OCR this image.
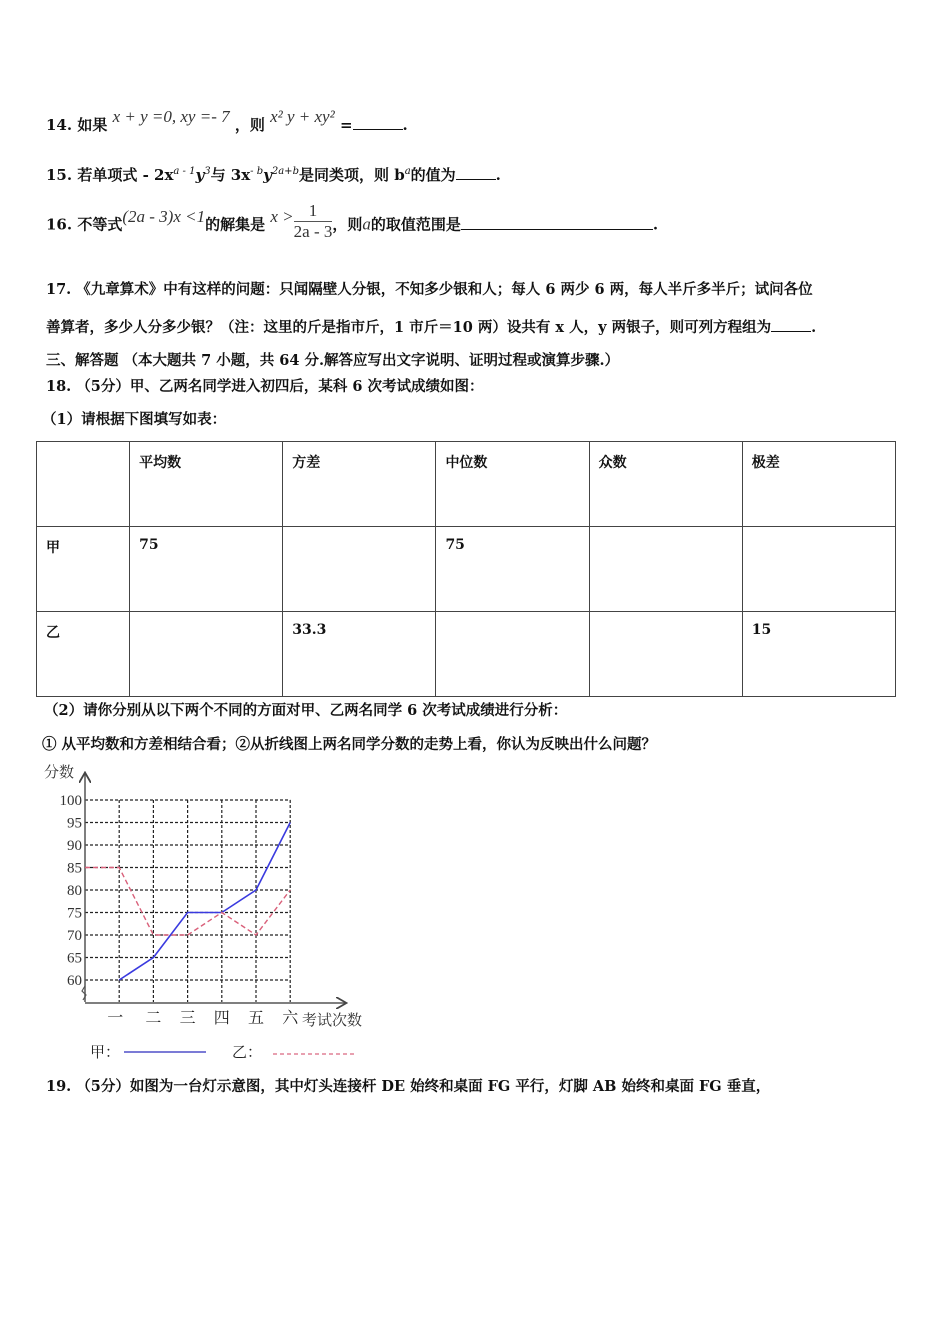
14. 如果 x + y =0, xy =- 7 ，则 x² y + xy² =	.
15. 若单项式 - $2x^{a - 1}y^3$与 $3x^{- b}y^{2a+b}$是同类项，则 $b^a$的值为	.
16. 不等式(2a - 3)x <1的解集是 $x > \frac{1}{2a - 3}$ ，则a的取值范围是	.
17. 《九章算术》中有这样的问题：只闻隔壁人分银，不知多少银和人；每人 6 两少 6 两，每人半斤多半斤；试问各位
善算者，多少人分多少银？（注：这里的斤是指市斤，1 市斤＝10 两）设共有 x 人，y 两银子，则可列方程组为	.
三、解答题 （本大题共 7 小题，共 64 分.解答应写出文字说明、证明过程或演算步骤.）
18. （5分）甲、乙两名同学进入初四后，某科 6 次考试成绩如图：
（1）请根据下图填写如表：
	平均数	方差	中位数	众数	极差
甲	75		75		
乙		33.3			15
（2）请你分别从以下两个不同的方面对甲、乙两名同学 6 次考试成绩进行分析：
① 从平均数和方差相结合看；②从折线图上两名同学分数的走势上看，你认为反映出什么问题？
60
65
70
75
80
85
90
95
100
一 二 三 四 五 六
分数
考试次数
甲：	乙：
19. （5分）如图为一台灯示意图，其中灯头连接杆 DE 始终和桌面 FG 平行，灯脚 AB 始终和桌面 FG 垂直，
